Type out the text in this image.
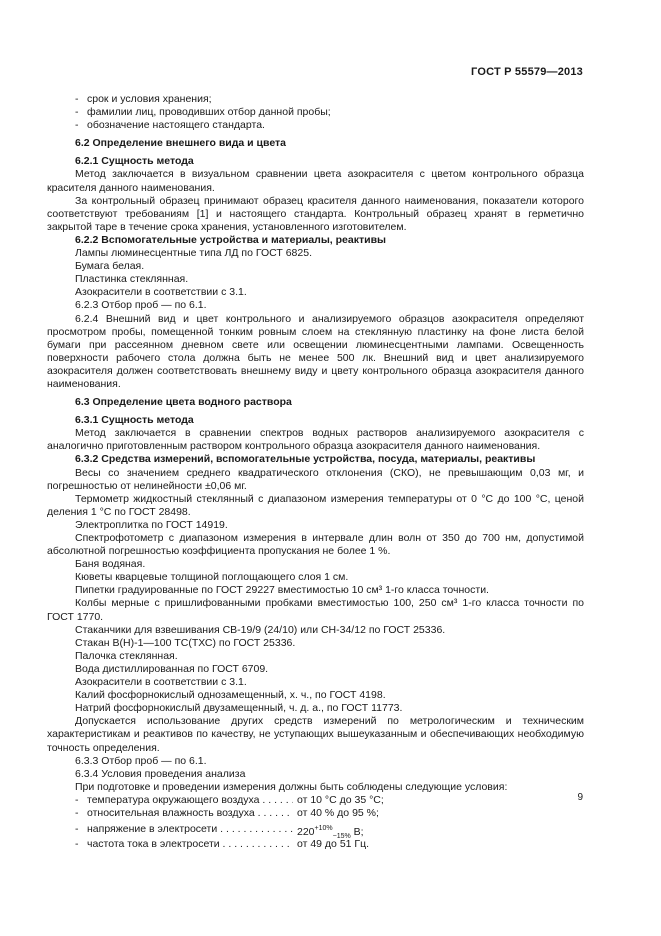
ГОСТ Р 55579—2013
- срок и условия хранения;
- фамилии лиц, проводивших отбор данной пробы;
- обозначение настоящего стандарта.

6.2 Определение внешнего вида и цвета

6.2.1 Сущность метода

Метод заключается в визуальном сравнении цвета азокрасителя с цветом контрольного образца красителя данного наименования.

За контрольный образец принимают образец красителя данного наименования, показатели которого соответствуют требованиям [1] и настоящего стандарта. Контрольный образец хранят в герметично закрытой таре в течение срока хранения, установленного изготовителем.

6.2.2 Вспомогательные устройства и материалы, реактивы

Лампы люминесцентные типа ЛД по ГОСТ 6825.

Бумага белая.

Пластинка стеклянная.

Азокрасители в соответствии с 3.1.

6.2.3 Отбор проб — по 6.1.

6.2.4 Внешний вид и цвет контрольного и анализируемого образцов азокрасителя определяют просмотром пробы, помещенной тонким ровным слоем на стеклянную пластинку на фоне листа белой бумаги при рассеянном дневном свете или освещении люминесцентными лампами. Освещенность поверхности рабочего стола должна быть не менее 500 лк. Внешний вид и цвет анализируемого азокрасителя должен соответствовать внешнему виду и цвету контрольного образца азокрасителя данного наименования.

6.3 Определение цвета водного раствора

6.3.1 Сущность метода

Метод заключается в сравнении спектров водных растворов анализируемого азокрасителя с аналогично приготовленным раствором контрольного образца азокрасителя данного наименования.

6.3.2 Средства измерений, вспомогательные устройства, посуда, материалы, реактивы

Весы со значением среднего квадратического отклонения (СКО), не превышающим 0,03 мг, и погрешностью от нелинейности ±0,06 мг.

Термометр жидкостный стеклянный с диапазоном измерения температуры от 0 °С до 100 °С, ценой деления 1 °С по ГОСТ 28498.

Электроплитка по ГОСТ 14919.

Спектрофотометр с диапазоном измерения в интервале длин волн от 350 до 700 нм, допустимой абсолютной погрешностью коэффициента пропускания не более 1 %.

Баня водяная.

Кюветы кварцевые толщиной поглощающего слоя 1 см.

Пипетки градуированные по ГОСТ 29227 вместимостью 10 см³ 1-го класса точности.

Колбы мерные с пришлифованными пробками вместимостью 100, 250 см³ 1-го класса точности по ГОСТ 1770.

Стаканчики для взвешивания СВ-19/9 (24/10) или СН-34/12 по ГОСТ 25336.

Стакан В(Н)-1—100 ТС(ТХС) по ГОСТ 25336.

Палочка стеклянная.

Вода дистиллированная по ГОСТ 6709.

Азокрасители в соответствии с 3.1.

Калий фосфорнокислый однозамещенный, х. ч., по ГОСТ 4198.

Натрий фосфорнокислый двузамещенный, ч. д. а., по ГОСТ 11773.

Допускается использование других средств измерений по метрологическим и техническим характеристикам и реактивов по качеству, не уступающих вышеуказанным и обеспечивающих необходимую точность определения.

6.3.3 Отбор проб — по 6.1.

6.3.4 Условия проведения анализа

При подготовке и проведении измерения должны быть соблюдены следующие условия:

- температура окружающего воздуха . . .	от 10 °С до 35 °С;
- относительная влажность воздуха . . .	от 40 % до 95 %;
- напряжение в электросети . . .	$220^{+10\%}_{-15\%}$ В;
- частота тока в электросети . . .	от 49 до 51 Гц.
9
